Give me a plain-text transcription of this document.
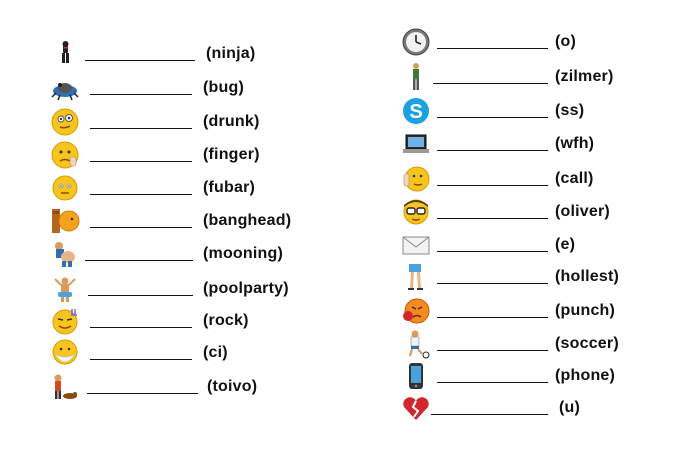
(ninja)
(bug)
(drunk)
(finger)
(fubar)
(banghead)
(mooning)
(poolparty)
(rock)
(ci)
(toivo)
(o)
(zilmer)
S	(ss)
(wfh)
(call)
(oliver)
(e)
(hollest)
(punch)
(soccer)
(phone)
(u)
